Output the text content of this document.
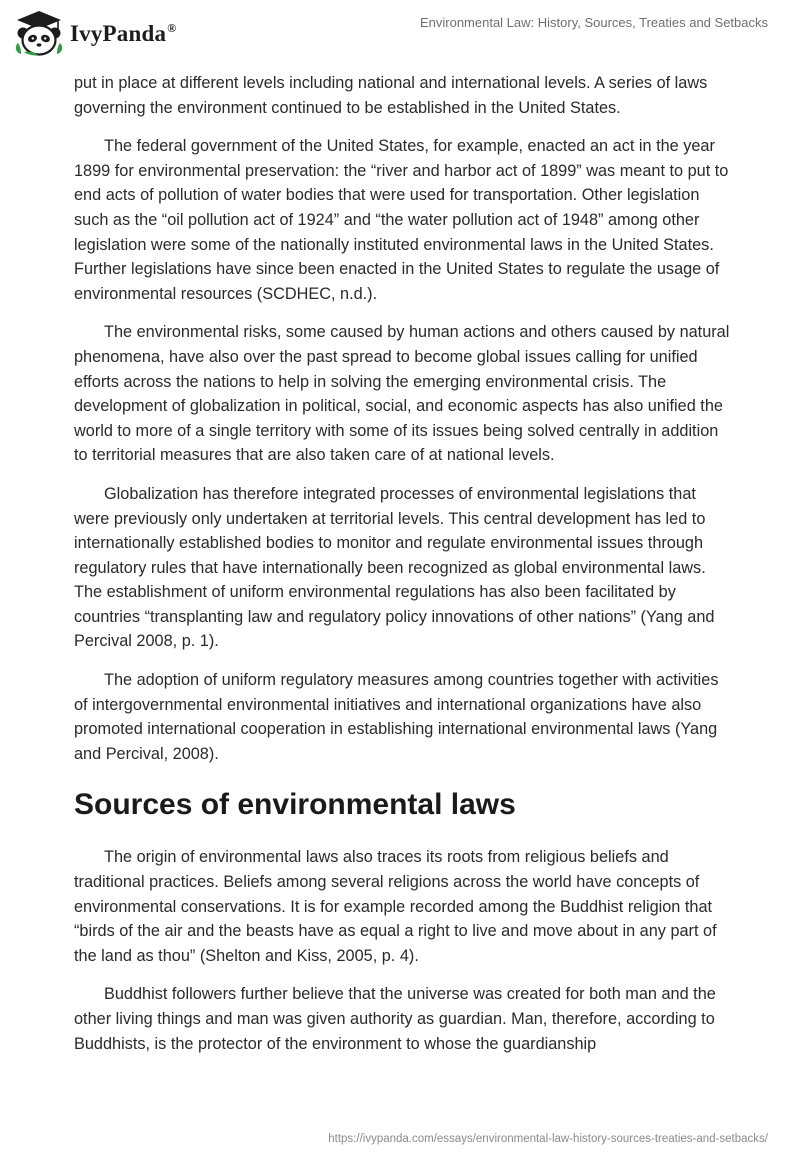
IvyPanda®	Environmental Law: History, Sources, Treaties and Setbacks

put in place at different levels including national and international levels. A series of laws governing the environment continued to be established in the United States.

The federal government of the United States, for example, enacted an act in the year 1899 for environmental preservation: the “river and harbor act of 1899” was meant to put to end acts of pollution of water bodies that were used for transportation. Other legislation such as the “oil pollution act of 1924” and “the water pollution act of 1948” among other legislation were some of the nationally instituted environmental laws in the United States. Further legislations have since been enacted in the United States to regulate the usage of environmental resources (SCDHEC, n.d.).

The environmental risks, some caused by human actions and others caused by natural phenomena, have also over the past spread to become global issues calling for unified efforts across the nations to help in solving the emerging environmental crisis. The development of globalization in political, social, and economic aspects has also unified the world to more of a single territory with some of its issues being solved centrally in addition to territorial measures that are also taken care of at national levels.

Globalization has therefore integrated processes of environmental legislations that were previously only undertaken at territorial levels. This central development has led to internationally established bodies to monitor and regulate environmental issues through regulatory rules that have internationally been recognized as global environmental laws. The establishment of uniform environmental regulations has also been facilitated by countries “transplanting law and regulatory policy innovations of other nations” (Yang and Percival 2008, p. 1).

The adoption of uniform regulatory measures among countries together with activities of intergovernmental environmental initiatives and international organizations have also promoted international cooperation in establishing international environmental laws (Yang and Percival, 2008).

Sources of environmental laws

The origin of environmental laws also traces its roots from religious beliefs and traditional practices. Beliefs among several religions across the world have concepts of environmental conservations. It is for example recorded among the Buddhist religion that “birds of the air and the beasts have as equal a right to live and move about in any part of the land as thou” (Shelton and Kiss, 2005, p. 4).

Buddhist followers further believe that the universe was created for both man and the other living things and man was given authority as guardian. Man, therefore, according to Buddhists, is the protector of the environment to whose the guardianship

https://ivypanda.com/essays/environmental-law-history-sources-treaties-and-setbacks/
